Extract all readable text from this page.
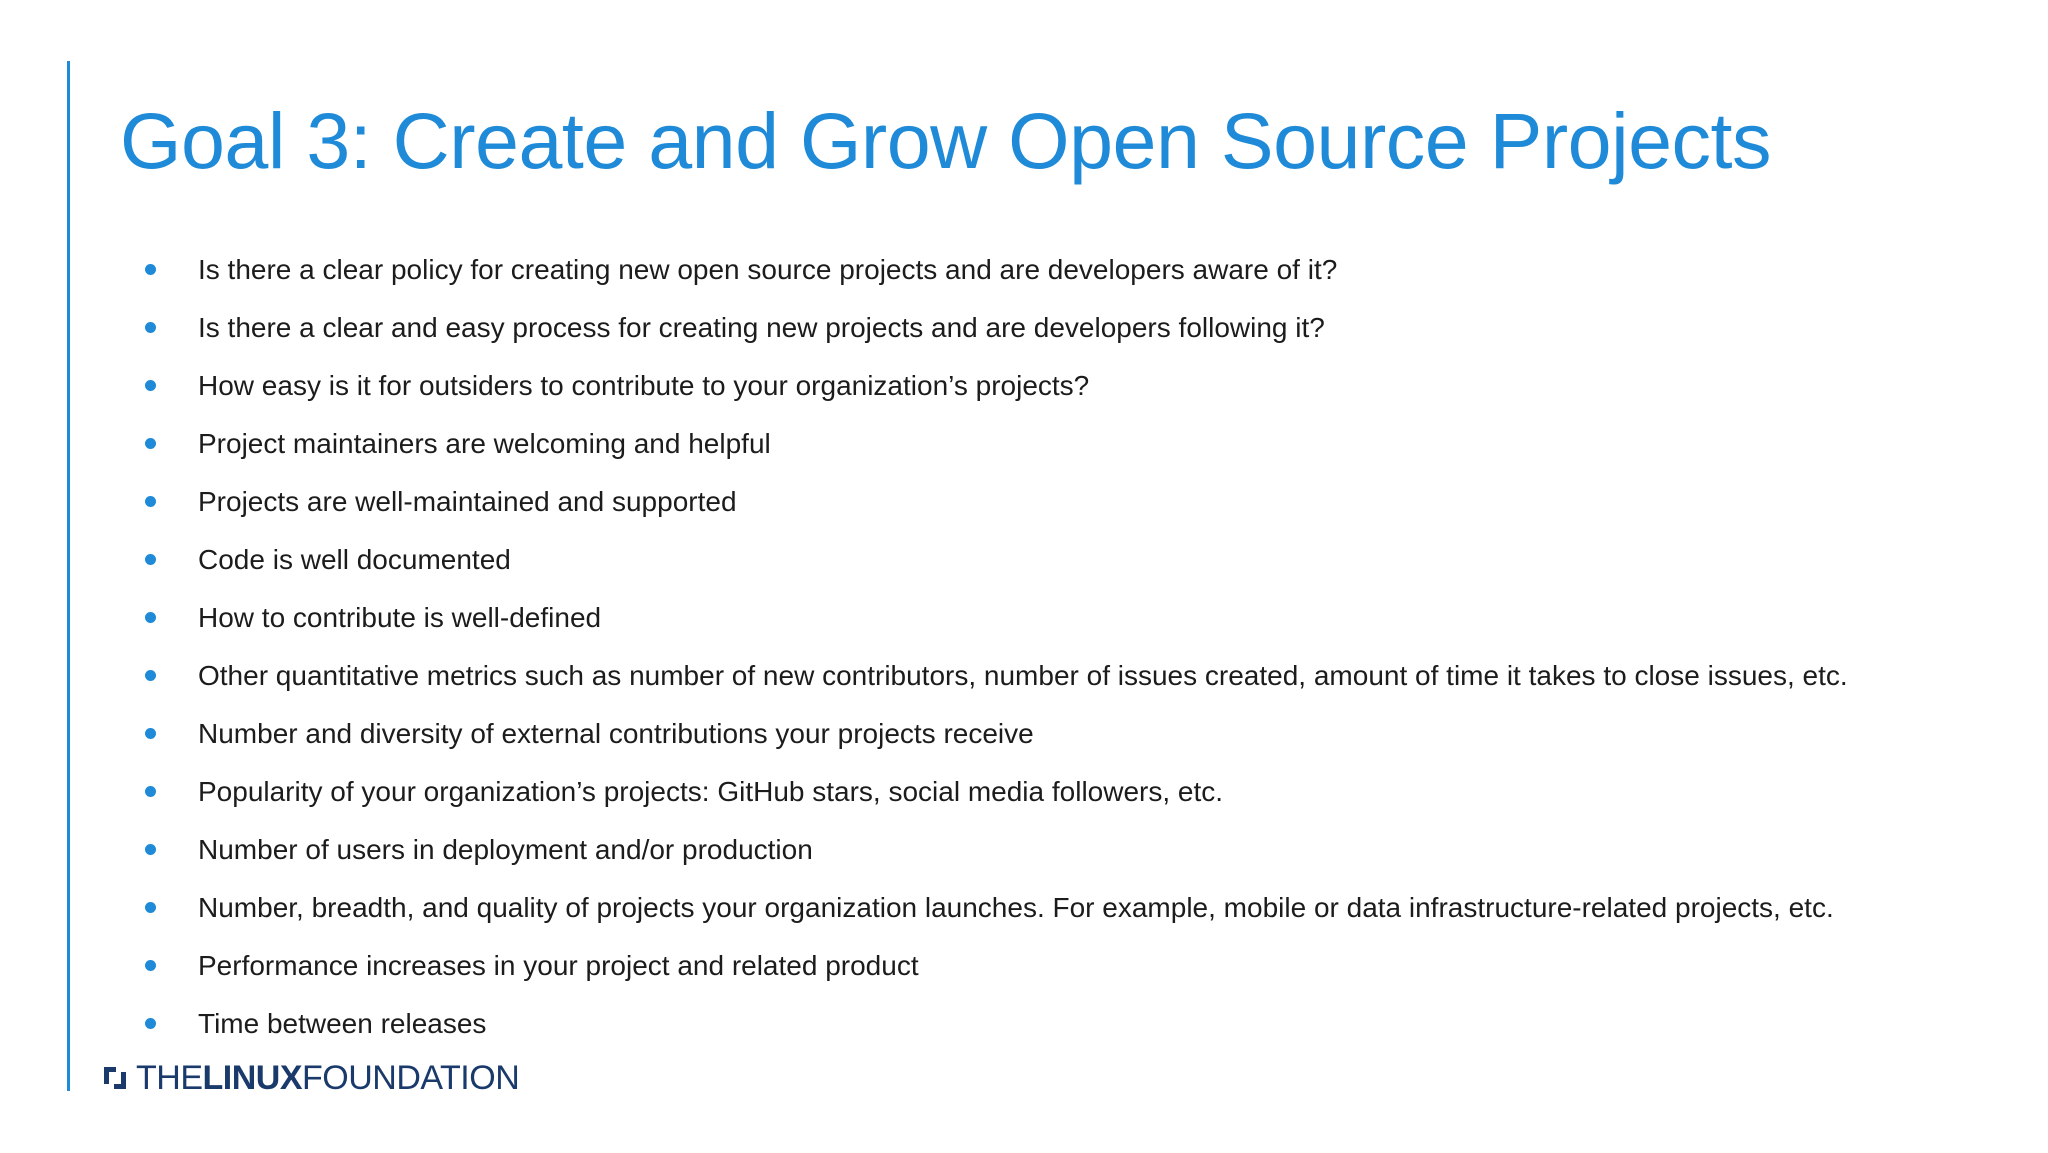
Goal 3: Create and Grow Open Source Projects
Is there a clear policy for creating new open source projects and are developers aware of it?
Is there a clear and easy process for creating new projects and are developers following it?
How easy is it for outsiders to contribute to your organization’s projects?
Project maintainers are welcoming and helpful
Projects are well-maintained and supported
Code is well documented
How to contribute is well-defined
Other quantitative metrics such as number of new contributors, number of issues created, amount of time it takes to close issues, etc.
Number and diversity of external contributions your projects receive
Popularity of your organization’s projects: GitHub stars, social media followers, etc.
Number of users in deployment and/or production
Number, breadth, and quality of projects your organization launches. For example, mobile or data infrastructure-related projects, etc.
Performance increases in your project and related product
Time between releases
THE LINUX FOUNDATION
